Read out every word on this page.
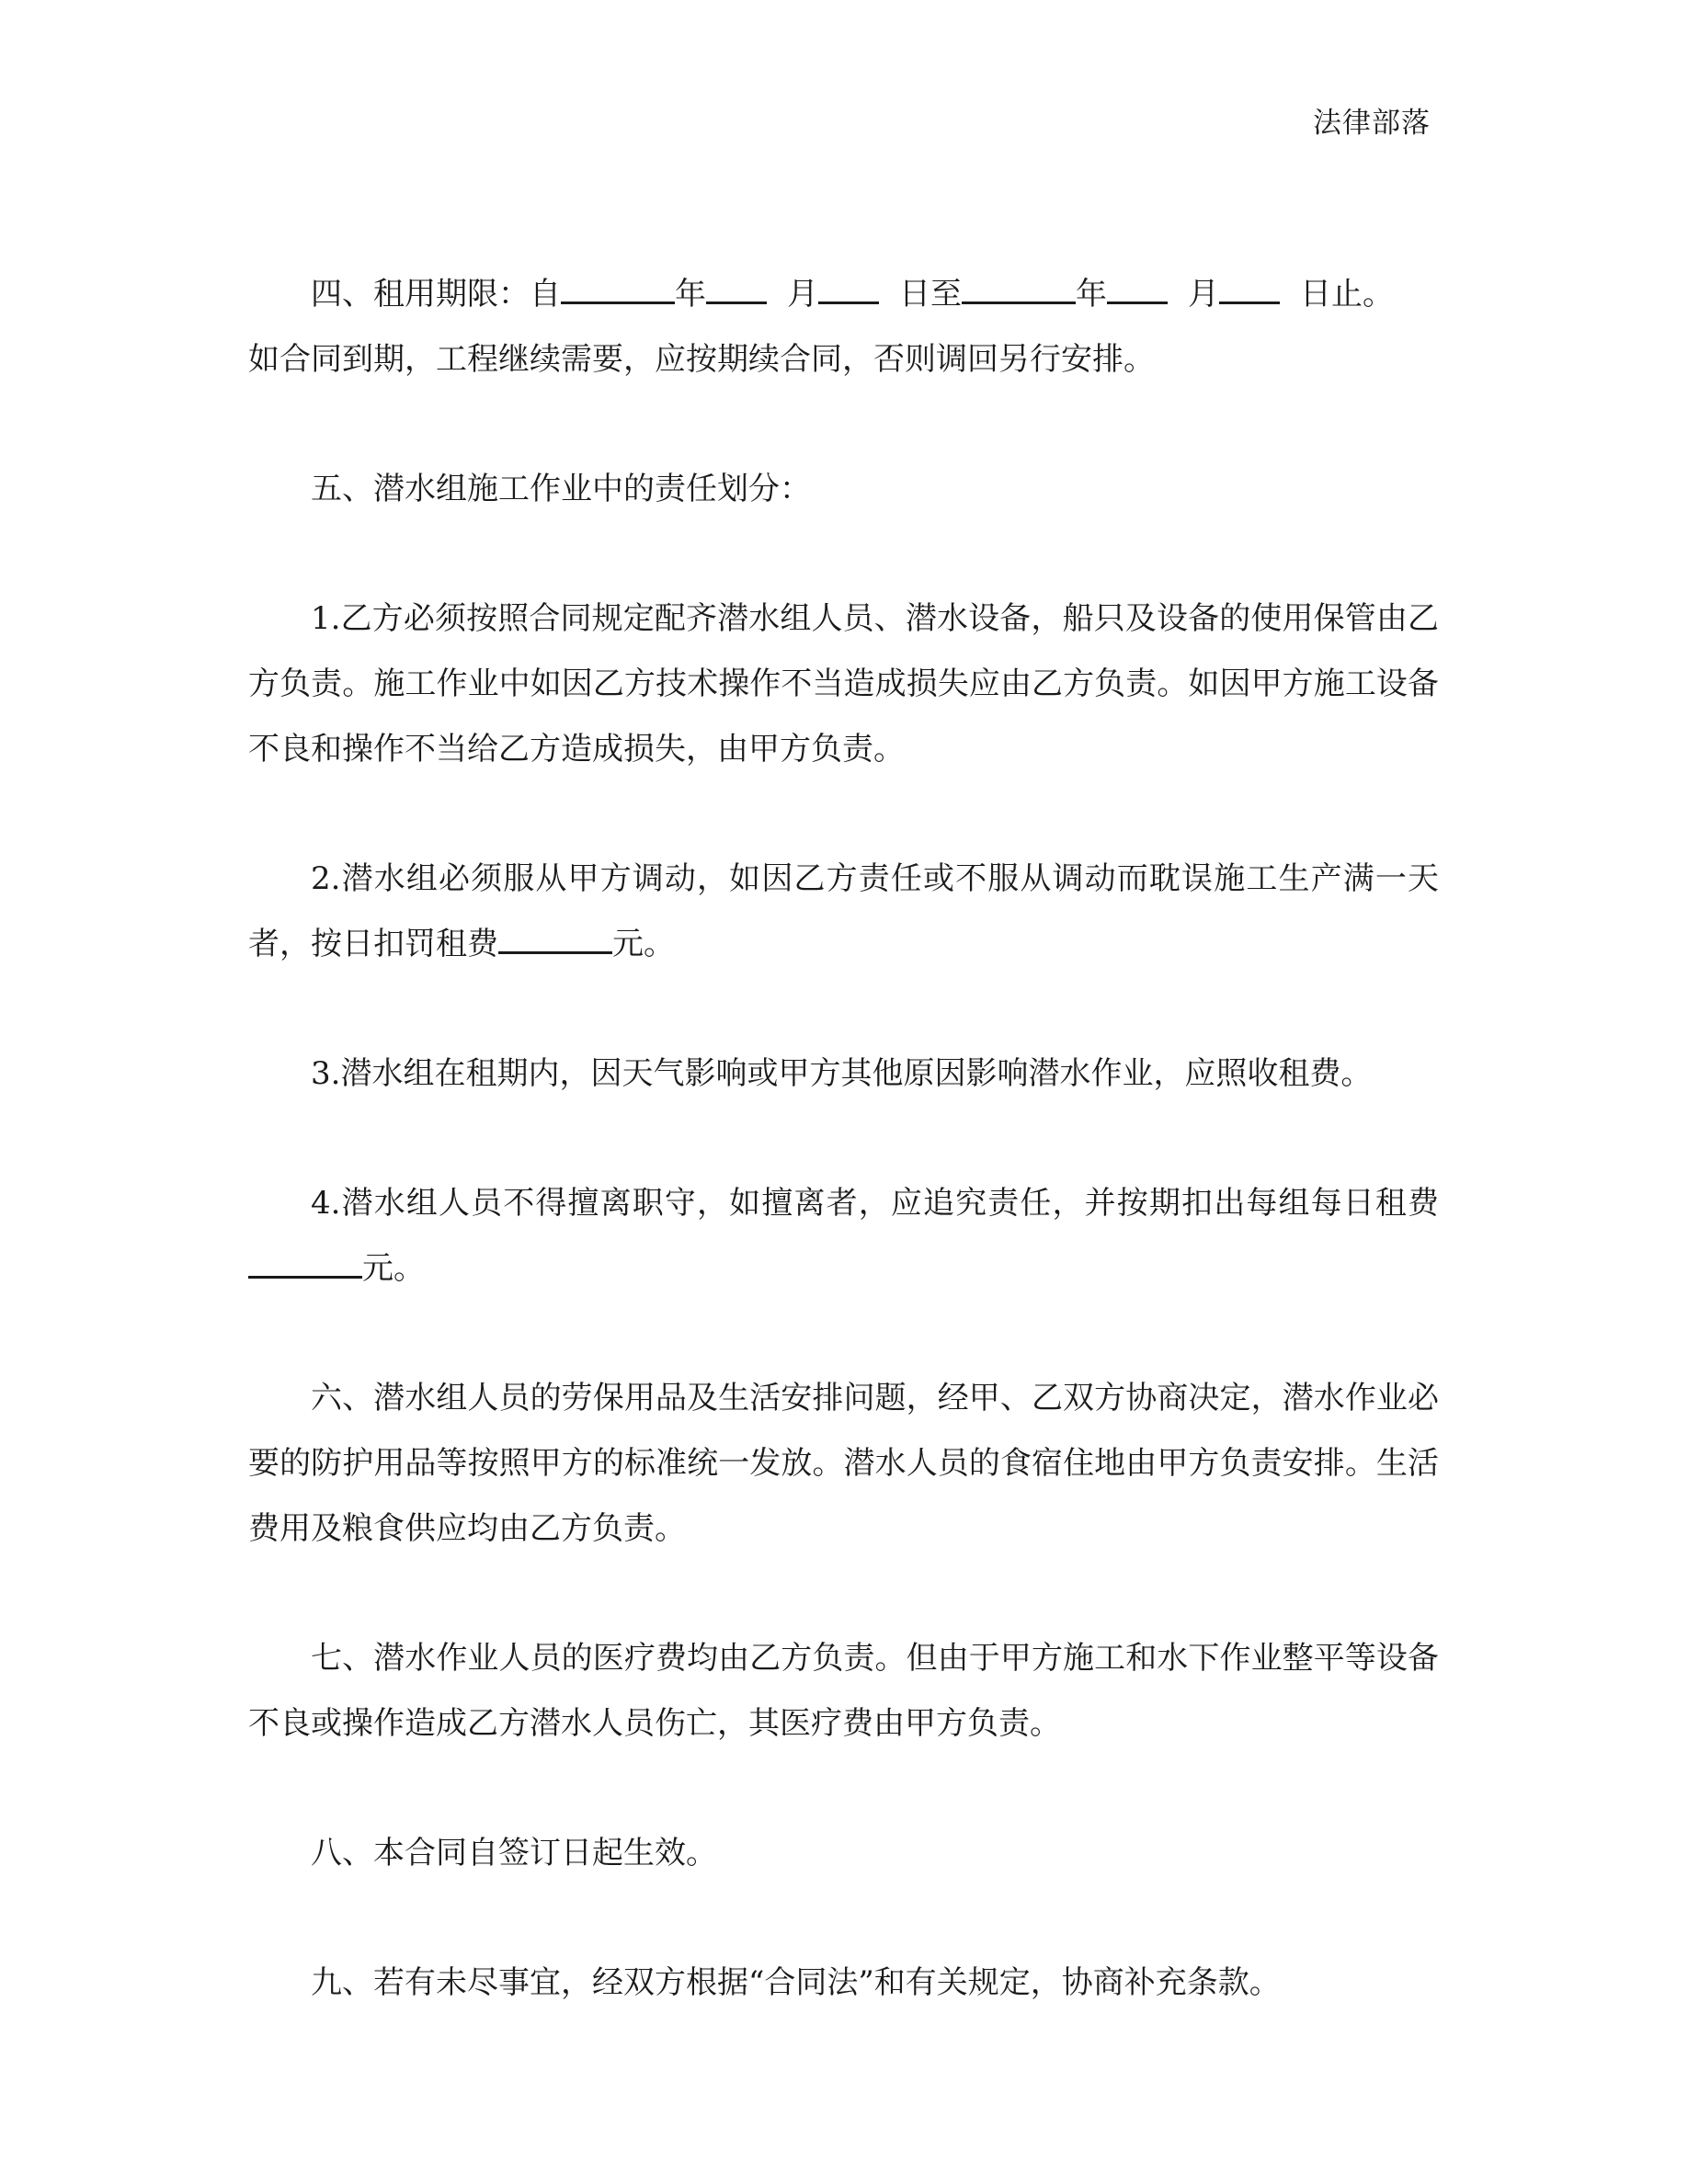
法律部落

四、租用期限：自	年	月	日至	年	月	日止。
如合同到期，工程继续需要，应按期续合同，否则调回另行安排。

五、潜水组施工作业中的责任划分：

1.乙方必须按照合同规定配齐潜水组人员、潜水设备，船只及设备的使用保管由乙方负责。施工作业中如因乙方技术操作不当造成损失应由乙方负责。如因甲方施工设备不良和操作不当给乙方造成损失，由甲方负责。

2.潜水组必须服从甲方调动，如因乙方责任或不服从调动而耽误施工生产满一天者，按日扣罚租费	元。

3.潜水组在租期内，因天气影响或甲方其他原因影响潜水作业，应照收租费。

4.潜水组人员不得擅离职守，如擅离者，应追究责任，并按期扣出每组每日租费元。

六、潜水组人员的劳保用品及生活安排问题，经甲、乙双方协商决定，潜水作业必要的防护用品等按照甲方的标准统一发放。潜水人员的食宿住地由甲方负责安排。生活费用及粮食供应均由乙方负责。

七、潜水作业人员的医疗费均由乙方负责。但由于甲方施工和水下作业整平等设备不良或操作造成乙方潜水人员伤亡，其医疗费由甲方负责。

八、本合同自签订日起生效。

九、若有未尽事宜，经双方根据“合同法”和有关规定，协商补充条款。
